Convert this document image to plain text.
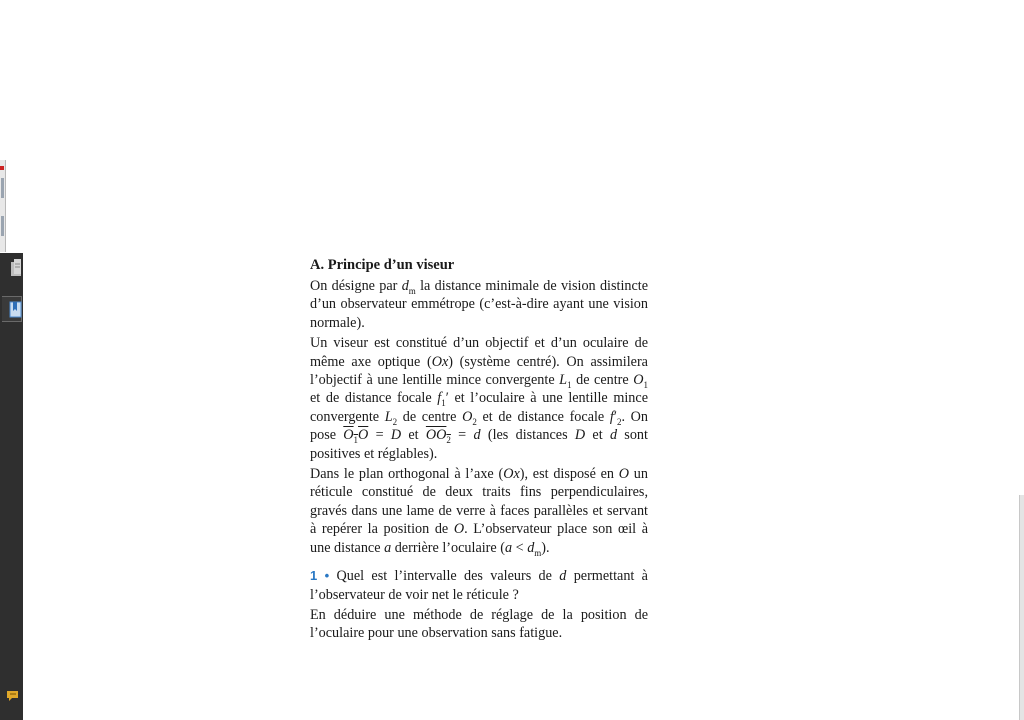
A. Principe d’un viseur

On désigne par $d_m$ la distance minimale de vision distincte d’un observateur emmétrope (c’est-à-dire ayant une vision normale).

Un viseur est constitué d’un objectif et d’un oculaire de même axe optique (Ox) (système centré). On assimilera l’objectif à une lentille mince convergente $L_1$ de centre $O_1$ et de distance focale $f_1'$ et l’oculaire à une lentille mince convergente $L_2$ de centre $O_2$ et de distance focale $f'_2$. On pose $O_1O = D$ et $OO_2 = d$ (les distances D et d sont positives et réglables).

Dans le plan orthogonal à l’axe (Ox), est disposé en O un réticule constitué de deux traits fins perpendiculaires, gravés dans une lame de verre à faces parallèles et servant à repérer la position de O. L’observateur place son œil à une distance a derrière l’oculaire $(a < d_m)$.

1 • Quel est l’intervalle des valeurs de d permettant à l’observateur de voir net le réticule ?

En déduire une méthode de réglage de la position de l’oculaire pour une observation sans fatigue.
